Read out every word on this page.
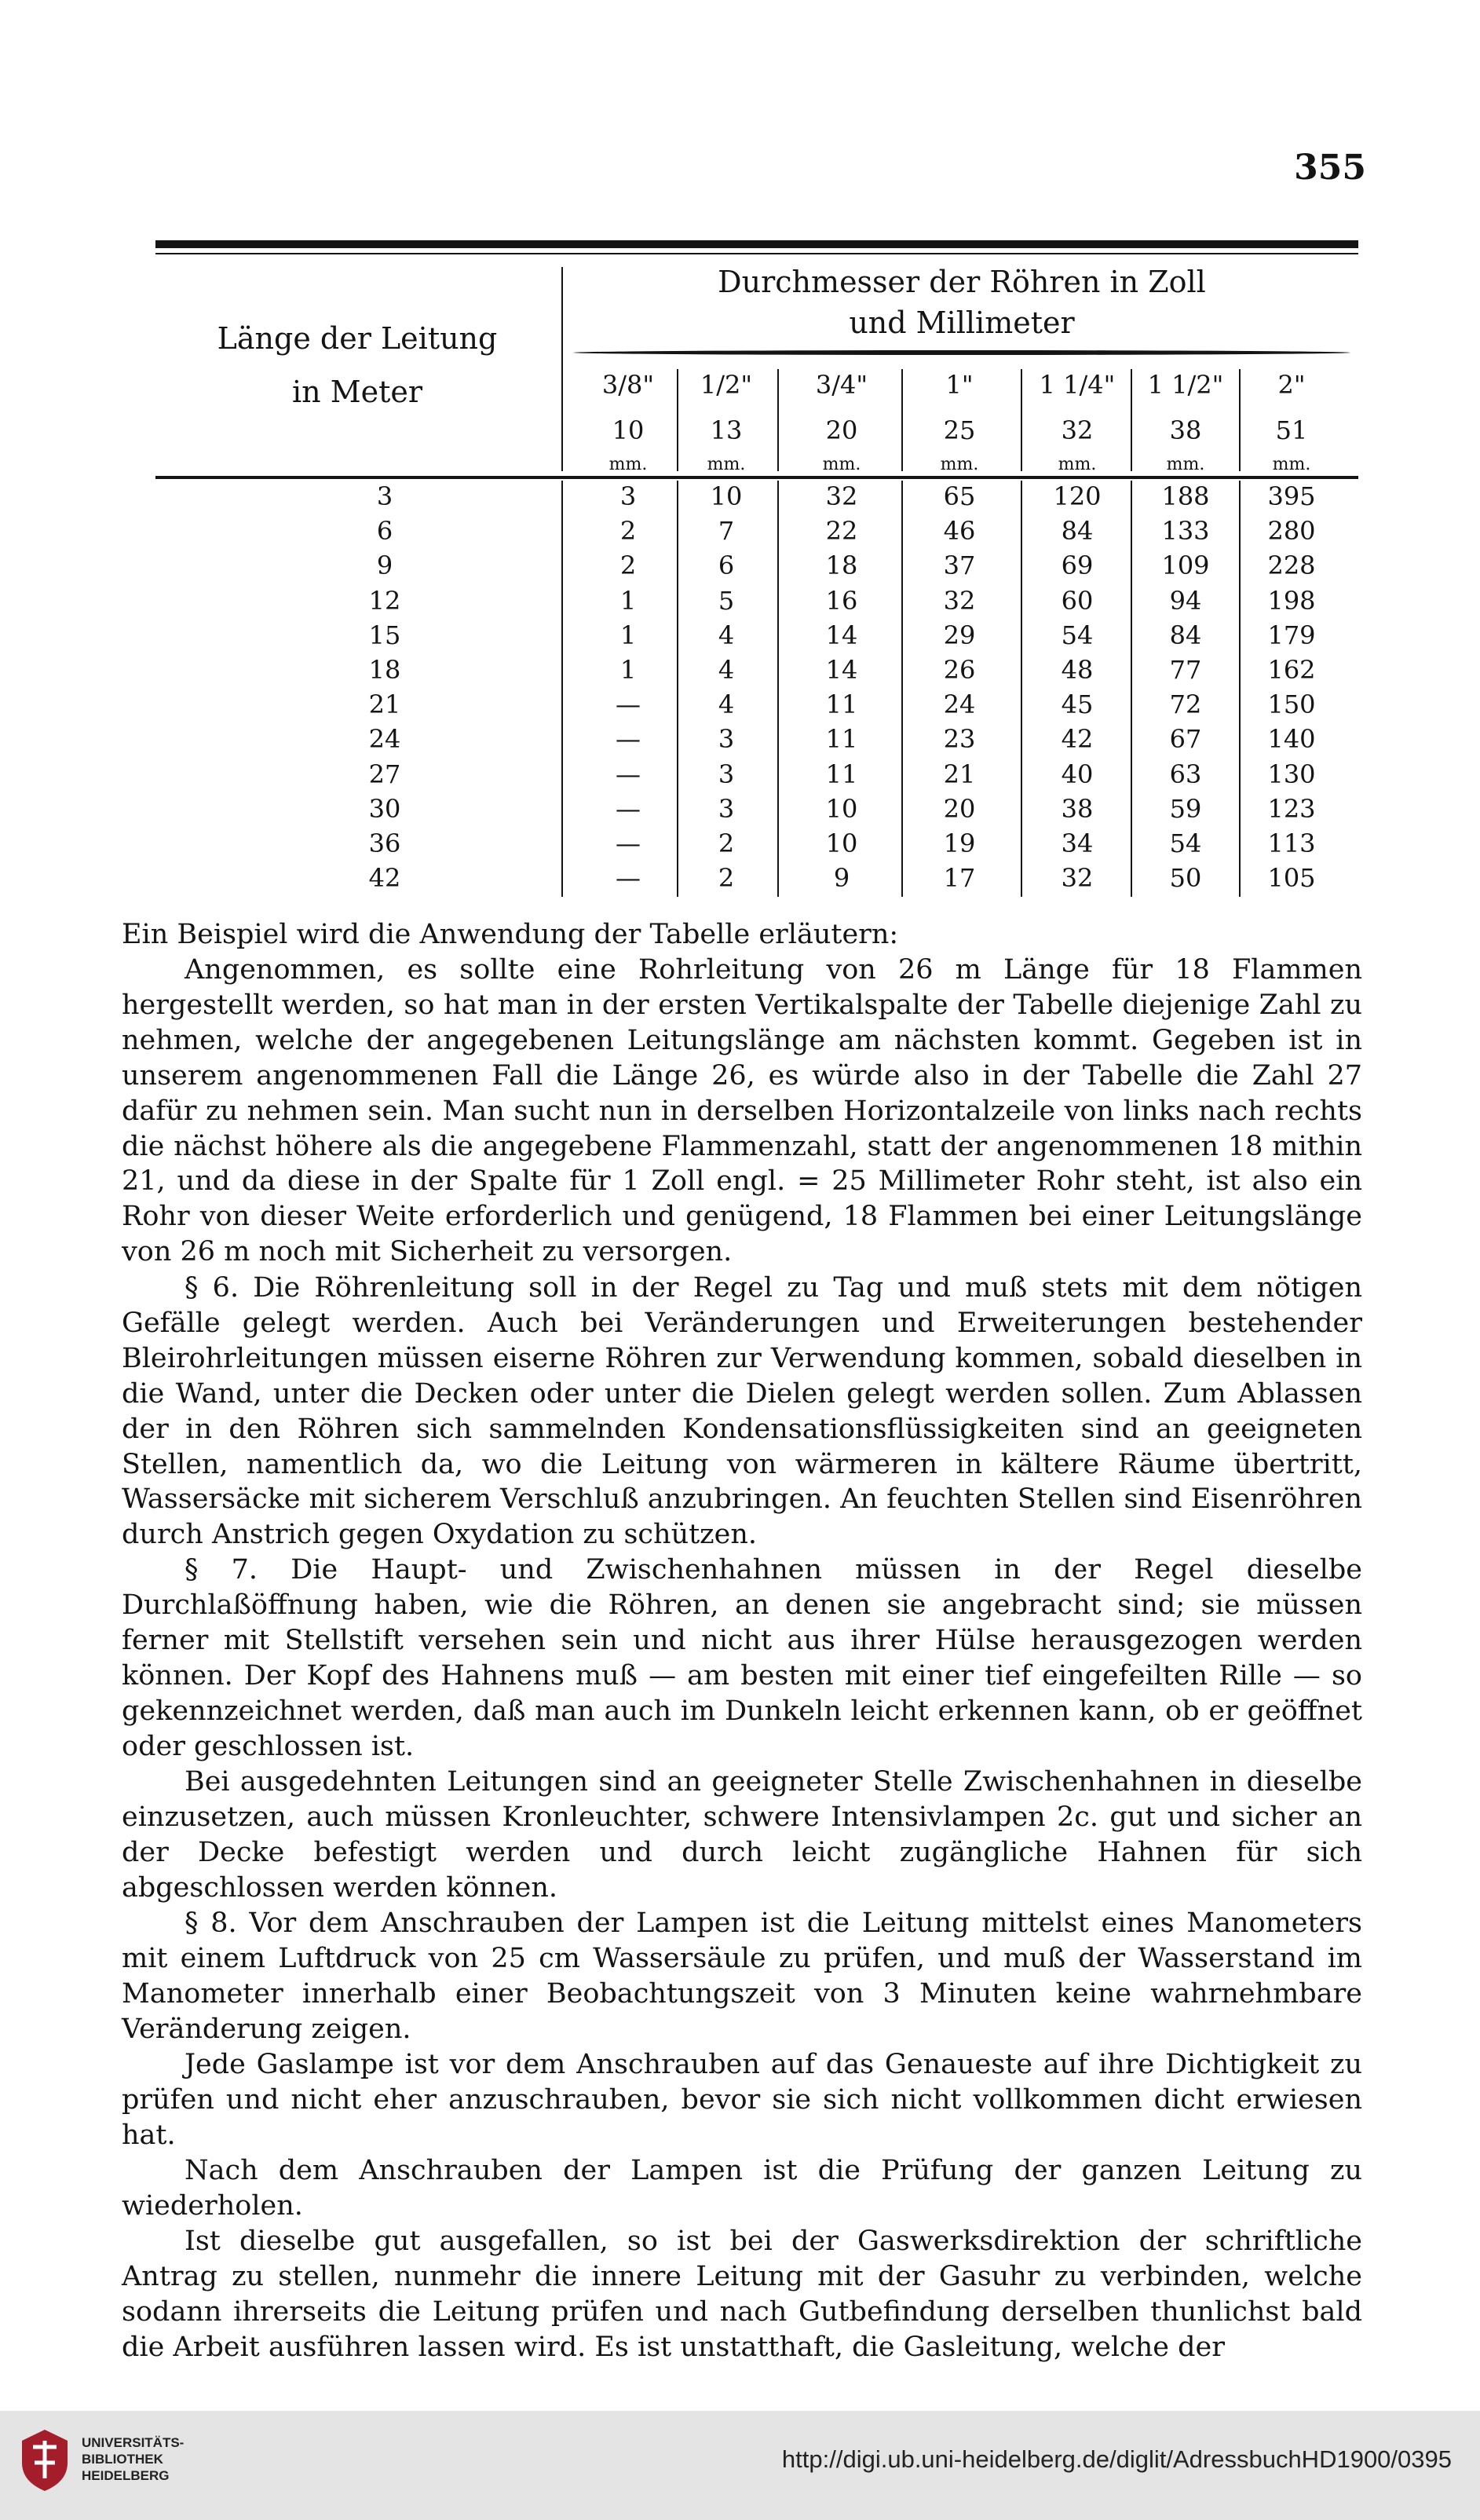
355
Länge der Leitung
in Meter
Durchmesser der Röhren in Zoll
und Millimeter
3/8"
10
mm.
1/2"
13
mm.
3/4"
20
mm.
1"
25
mm.
1 1/4"
32
mm.
1 1/2"
38
mm.
2"
51
mm.
3	3	10	32	65	120	188	395
6	2	7	22	46	84	133	280
9	2	6	18	37	69	109	228
12	1	5	16	32	60	94	198
15	1	4	14	29	54	84	179
18	1	4	14	26	48	77	162
21	—	4	11	24	45	72	150
24	—	3	11	23	42	67	140
27	—	3	11	21	40	63	130
30	—	3	10	20	38	59	123
36	—	2	10	19	34	54	113
42	—	2	9	17	32	50	105

Ein Beispiel wird die Anwendung der Tabelle erläutern:

Angenommen, es sollte eine Rohrleitung von 26 m Länge für 18 Flammen hergestellt werden, so hat man in der ersten Vertikalspalte der Tabelle diejenige Zahl zu nehmen, welche der angegebenen Leitungslänge am nächsten kommt. Gegeben ist in unserem angenommenen Fall die Länge 26, es würde also in der Tabelle die Zahl 27 dafür zu nehmen sein. Man sucht nun in derselben Horizontalzeile von links nach rechts die nächst höhere als die angegebene Flammenzahl, statt der angenommenen 18 mithin 21, und da diese in der Spalte für 1 Zoll engl. = 25 Millimeter Rohr steht, ist also ein Rohr von dieser Weite erforderlich und genügend, 18 Flammen bei einer Leitungslänge von 26 m noch mit Sicherheit zu versorgen.

§ 6. Die Röhrenleitung soll in der Regel zu Tag und muß stets mit dem nötigen Gefälle gelegt werden. Auch bei Veränderungen und Erweiterungen bestehender Bleirohrleitungen müssen eiserne Röhren zur Verwendung kommen, sobald dieselben in die Wand, unter die Decken oder unter die Dielen gelegt werden sollen. Zum Ablassen der in den Röhren sich sammelnden Kondensationsflüssigkeiten sind an geeigneten Stellen, namentlich da, wo die Leitung von wärmeren in kältere Räume übertritt, Wassersäcke mit sicherem Verschluß anzubringen. An feuchten Stellen sind Eisenröhren durch Anstrich gegen Oxydation zu schützen.

§ 7. Die Haupt- und Zwischenhahnen müssen in der Regel dieselbe Durchlaßöffnung haben, wie die Röhren, an denen sie angebracht sind; sie müssen ferner mit Stellstift versehen sein und nicht aus ihrer Hülse herausgezogen werden können. Der Kopf des Hahnens muß — am besten mit einer tief eingefeilten Rille — so gekennzeichnet werden, daß man auch im Dunkeln leicht erkennen kann, ob er geöffnet oder geschlossen ist.

Bei ausgedehnten Leitungen sind an geeigneter Stelle Zwischenhahnen in dieselbe einzusetzen, auch müssen Kronleuchter, schwere Intensivlampen 2c. gut und sicher an der Decke befestigt werden und durch leicht zugängliche Hahnen für sich abgeschlossen werden können.

§ 8. Vor dem Anschrauben der Lampen ist die Leitung mittelst eines Manometers mit einem Luftdruck von 25 cm Wassersäule zu prüfen, und muß der Wasserstand im Manometer innerhalb einer Beobachtungszeit von 3 Minuten keine wahrnehmbare Veränderung zeigen.

Jede Gaslampe ist vor dem Anschrauben auf das Genaueste auf ihre Dichtigkeit zu prüfen und nicht eher anzuschrauben, bevor sie sich nicht vollkommen dicht erwiesen hat.

Nach dem Anschrauben der Lampen ist die Prüfung der ganzen Leitung zu wiederholen.

Ist dieselbe gut ausgefallen, so ist bei der Gaswerksdirektion der schriftliche Antrag zu stellen, nunmehr die innere Leitung mit der Gasuhr zu verbinden, welche sodann ihrerseits die Leitung prüfen und nach Gutbefindung derselben thunlichst bald die Arbeit ausführen lassen wird. Es ist unstatthaft, die Gasleitung, welche der

UNIVERSITÄTS-
BIBLIOTHEK
HEIDELBERG
http://digi.ub.uni-heidelberg.de/diglit/AdressbuchHD1900/0395
